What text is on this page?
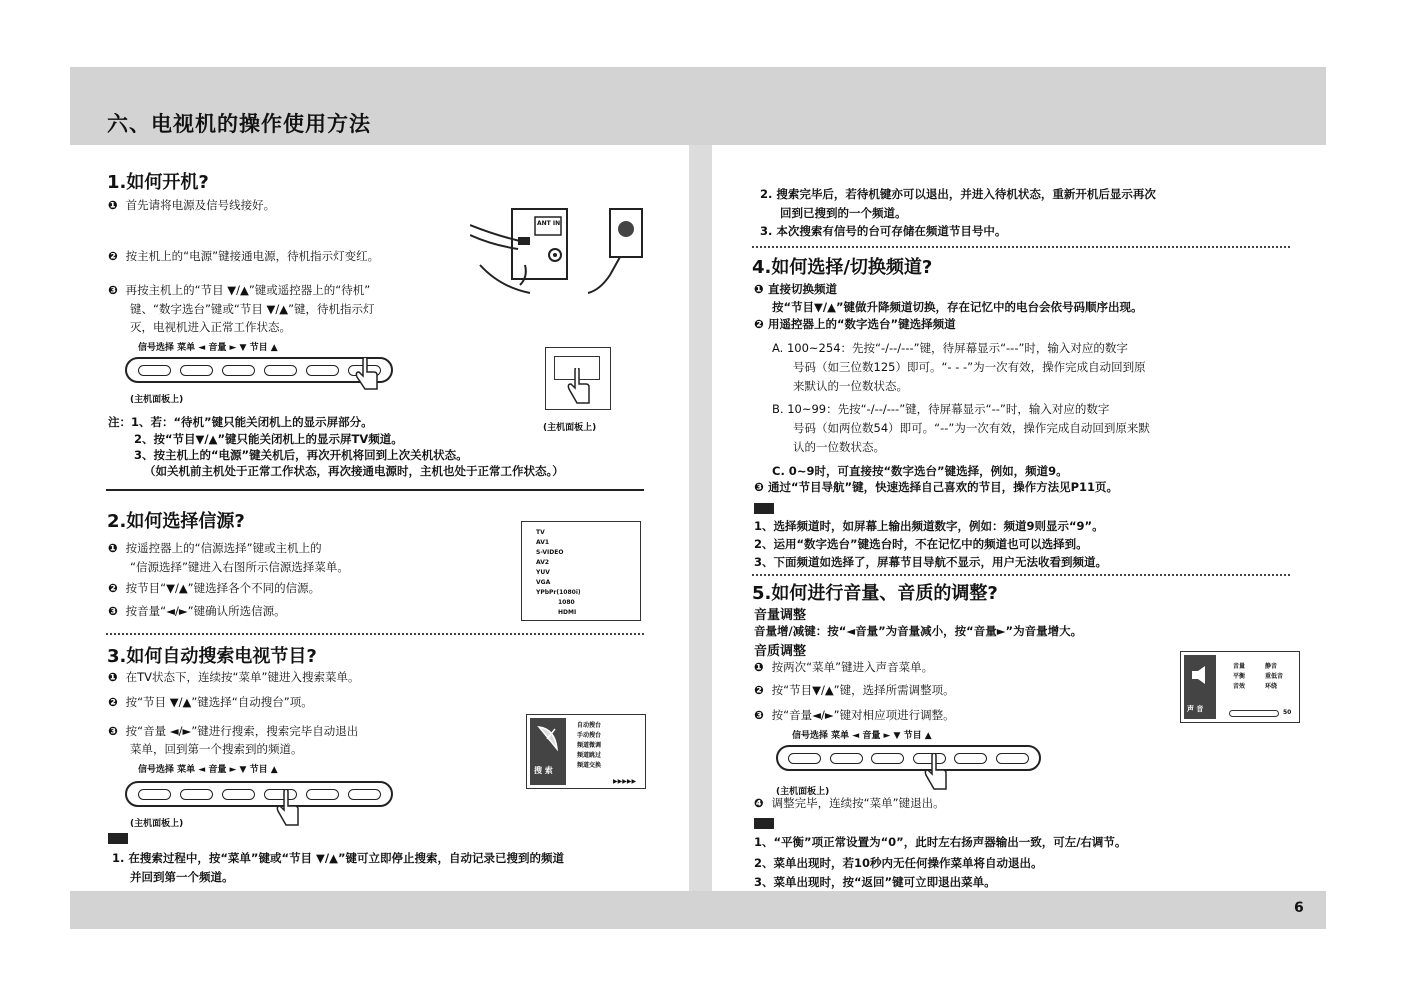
六、电视机的操作使用方法
6
1.如何开机?
❶ 首先请将电源及信号线接好。
ANT IN
❷ 按主机上的“电源”键接通电源，待机指示灯变红。
❸ 再按主机上的“节目 ▼/▲”键或遥控器上的“待机”
键、“数字选台”键或“节目 ▼/▲”键，待机指示灯
灭，电视机进入正常工作状态。
信号选择 菜单 ◄ 音量 ► ▼ 节目 ▲
(主机面板上)
(主机面板上)
注：1、若：“待机”键只能关闭机上的显示屏部分。
2、按“节目▼/▲”键只能关闭机上的显示屏TV频道。
3、按主机上的“电源”键关机后，再次开机将回到上次关机状态。
（如关机前主机处于正常工作状态，再次接通电源时，主机也处于正常工作状态。）
2.如何选择信源?
❶ 按遥控器上的“信源选择”键或主机上的
“信源选择”键进入右图所示信源选择菜单。
❷ 按节目“▼/▲”键选择各个不同的信源。
❸ 按音量“◄/►”键确认所选信源。
TV
AV1
S-VIDEO
AV2
YUV
VGA
YPbPr(1080i)
1080
HDMI
3.如何自动搜索电视节目?
❶ 在TV状态下，连续按“菜单”键进入搜索菜单。
❷ 按“节目 ▼/▲”键选择“自动搜台”项。
❸ 按“音量 ◄/►”键进行搜索，搜索完毕自动退出
菜单，回到第一个搜索到的频道。
搜 索
自动搜台
手动搜台
频道微调
频道跳过
频道交换
▶▶▶▶▶
信号选择 菜单 ◄ 音量 ► ▼ 节目 ▲
(主机面板上)
1. 在搜索过程中，按“菜单”键或“节目 ▼/▲”键可立即停止搜索，自动记录已搜到的频道
并回到第一个频道。
2. 搜索完毕后，若待机键亦可以退出，并进入待机状态，重新开机后显示再次
回到已搜到的一个频道。
3. 本次搜索有信号的台可存储在频道节目号中。
4.如何选择/切换频道?
❶ 直接切换频道
按“节目▼/▲”键做升降频道切换，存在记忆中的电台会依号码顺序出现。
❷ 用遥控器上的“数字选台”键选择频道
A. 100~254：先按“-/--/---”键，待屏幕显示“---”时，输入对应的数字
号码（如三位数125）即可。“- - -”为一次有效，操作完成自动回到原
来默认的一位数状态。
B. 10~99：先按“-/--/---”键，待屏幕显示“--”时，输入对应的数字
号码（如两位数54）即可。“--”为一次有效，操作完成自动回到原来默
认的一位数状态。
C. 0~9时，可直接按“数字选台”键选择，例如，频道9。
❸ 通过“节目导航”键，快速选择自己喜欢的节目，操作方法见P11页。
1、选择频道时，如屏幕上输出频道数字，例如：频道9则显示“9”。
2、运用“数字选台”键选台时，不在记忆中的频道也可以选择到。
3、下面频道如选择了，屏幕节目导航不显示，用户无法收看到频道。
5.如何进行音量、音质的调整?
音量调整
音量增/减键：按“◄音量”为音量减小，按“音量►”为音量增大。
音质调整
❶ 按两次“菜单”键进入声音菜单。
❷ 按“节目▼/▲”键，选择所需调整项。
❸ 按“音量◄/►”键对相应项进行调整。	声 音
音量
平衡
音效
静音
重低音
环绕
50
信号选择 菜单 ◄ 音量 ► ▼ 节目 ▲
(主机面板上)
❹ 调整完毕，连续按“菜单”键退出。
1、“平衡”项正常设置为“0”，此时左右扬声器输出一致，可左/右调节。
2、菜单出现时，若10秒内无任何操作菜单将自动退出。
3、菜单出现时，按“返回”键可立即退出菜单。
